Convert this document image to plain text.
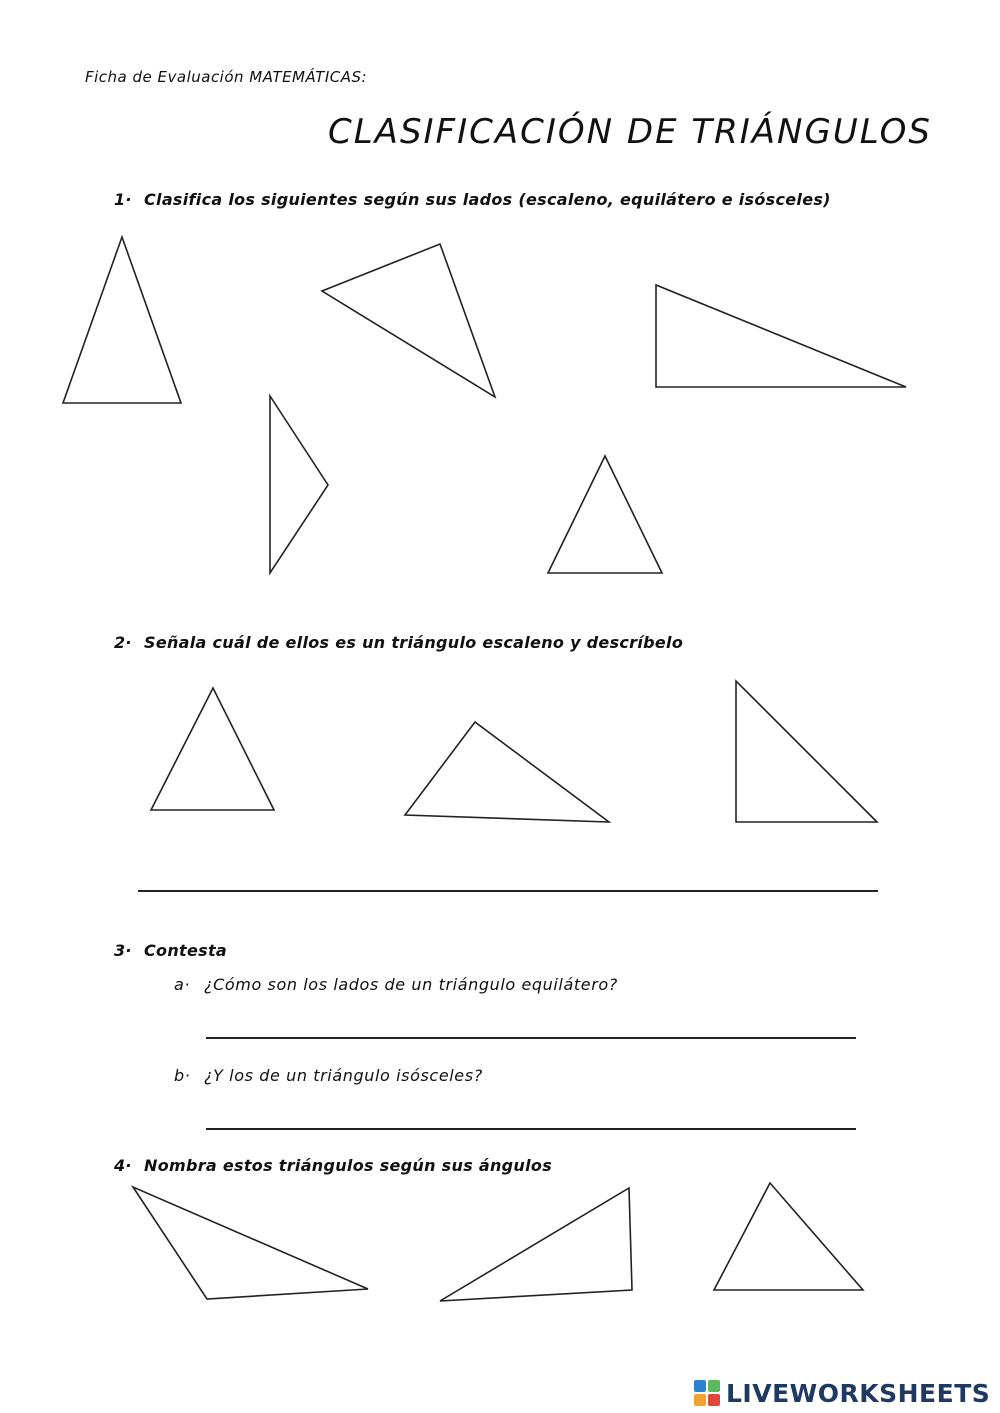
Ficha de Evaluación MATEMÁTICAS:
CLASIFICACIÓN DE TRIÁNGULOS
1· Clasifica los siguientes según sus lados (escaleno, equilátero e isósceles)
2· Señala cuál de ellos es un triángulo escaleno y descríbelo
3· Contesta
a· ¿Cómo son los lados de un triángulo equilátero?
b· ¿Y los de un triángulo isósceles?
4· Nombra estos triángulos según sus ángulos
LIVEWORKSHEETS
